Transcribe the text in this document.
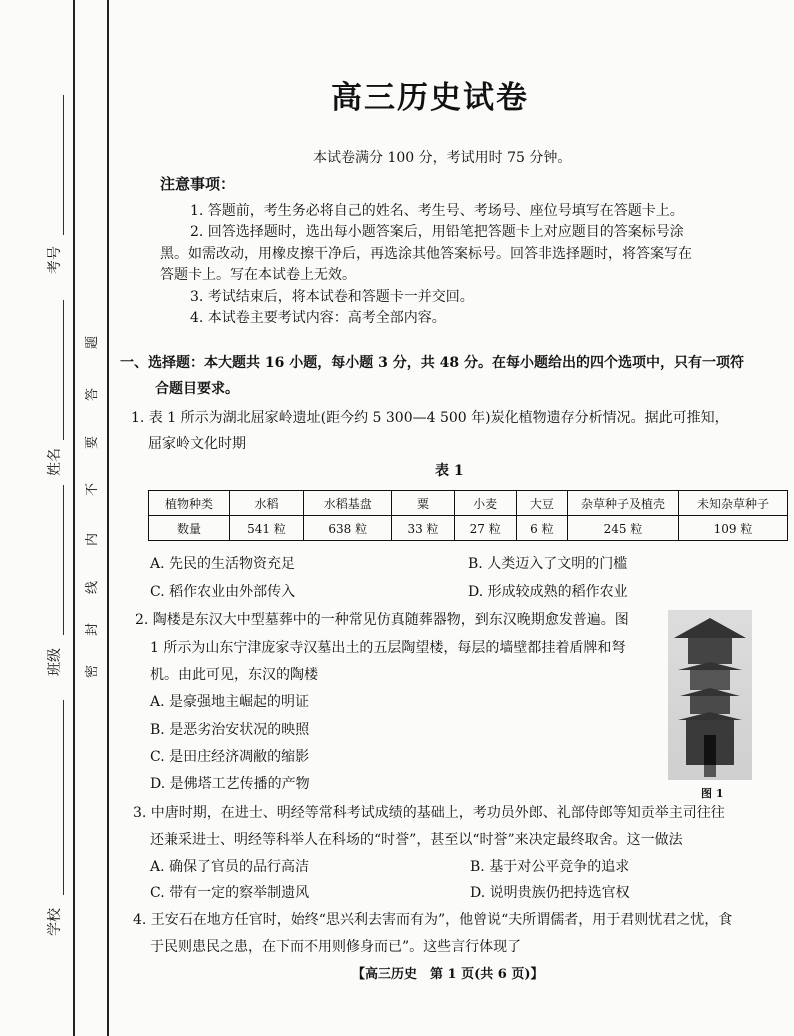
考号
姓名
班级
学校
密
封
线
内
不
要
答
题
高三历史试卷
本试卷满分 100 分，考试用时 75 分钟。
注意事项：
1. 答题前，考生务必将自己的姓名、考生号、考场号、座位号填写在答题卡上。
2. 回答选择题时，选出每小题答案后，用铅笔把答题卡上对应题目的答案标号涂
黑。如需改动，用橡皮擦干净后，再选涂其他答案标号。回答非选择题时，将答案写在
答题卡上。写在本试卷上无效。
3. 考试结束后，将本试卷和答题卡一并交回。
4. 本试卷主要考试内容：高考全部内容。
一、选择题：本大题共 16 小题，每小题 3 分，共 48 分。在每小题给出的四个选项中，只有一项符
合题目要求。
1. 表 1 所示为湖北屈家岭遗址(距今约 5 300—4 500 年)炭化植物遗存分析情况。据此可推知，
屈家岭文化时期
表 1
植物种类	水稻	水稻基盘	粟	小麦	大豆	杂草种子及植壳	未知杂草种子
数量	541 粒	638 粒	33 粒	27 粒	6 粒	245 粒	109 粒
A. 先民的生活物资充足	B. 人类迈入了文明的门槛
C. 稻作农业由外部传入	D. 形成较成熟的稻作农业
2. 陶楼是东汉大中型墓葬中的一种常见仿真随葬器物，到东汉晚期愈发普遍。图
1 所示为山东宁津庞家寺汉墓出土的五层陶望楼，每层的墙壁都挂着盾牌和弩
机。由此可见，东汉的陶楼
A. 是豪强地主崛起的明证
B. 是恶劣治安状况的映照
C. 是田庄经济凋敝的缩影
D. 是佛塔工艺传播的产物
图 1
3. 中唐时期，在进士、明经等常科考试成绩的基础上，考功员外郎、礼部侍郎等知贡举主司往往
还兼采进士、明经等科举人在科场的“时誉”，甚至以“时誉”来决定最终取舍。这一做法
A. 确保了官员的品行高洁	B. 基于对公平竞争的追求
C. 带有一定的察举制遗风	D. 说明贵族仍把持选官权
4. 王安石在地方任官时，始终“思兴利去害而有为”，他曾说“夫所谓儒者，用于君则忧君之忧，食
于民则患民之患，在下而不用则修身而已”。这些言行体现了
【高三历史　第 1 页(共 6 页)】
